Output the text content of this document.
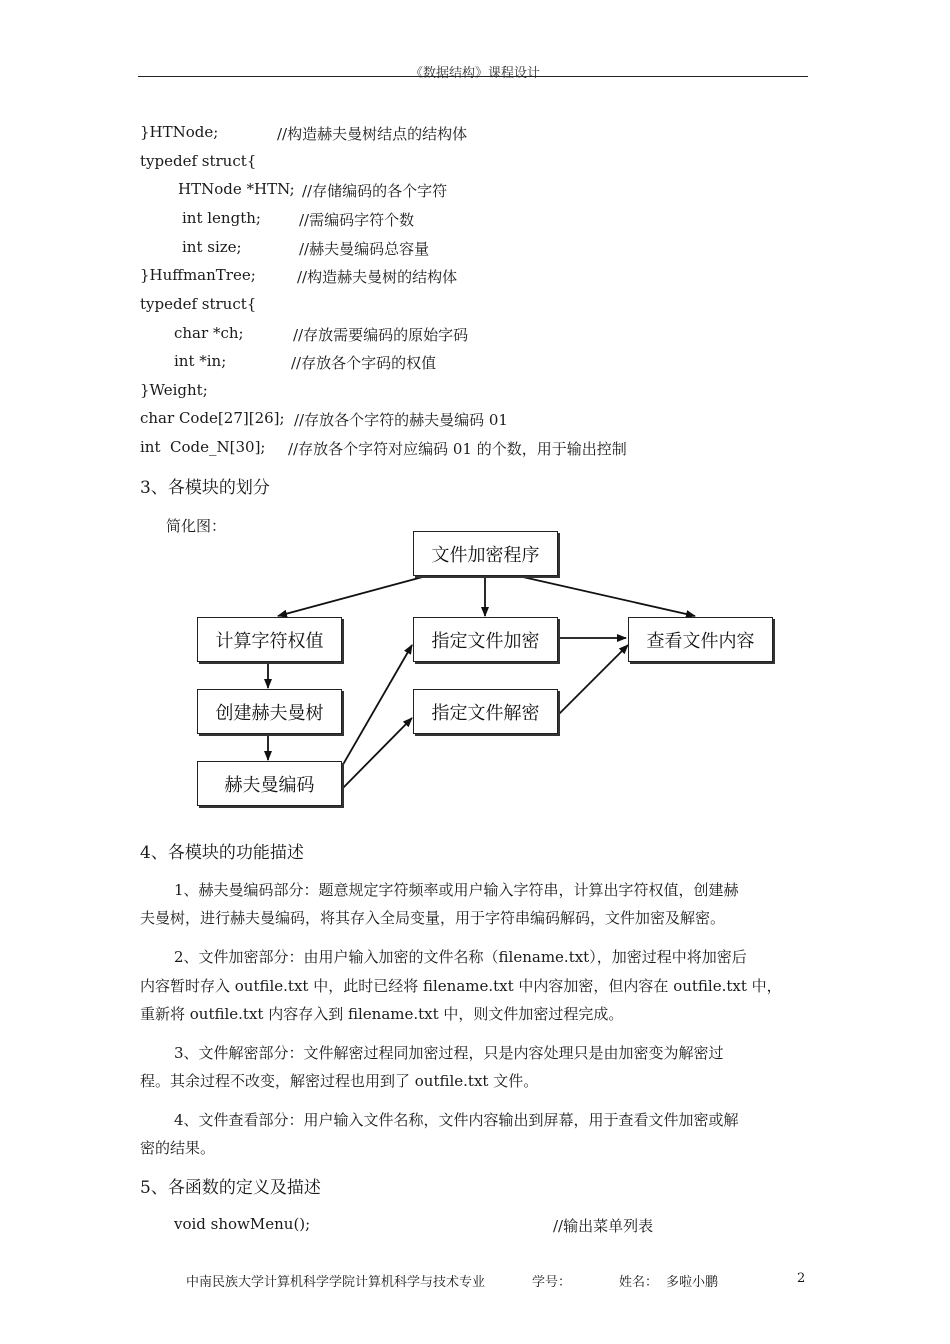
《数据结构》课程设计
}HTNode;	//构造赫夫曼树结点的结构体
typedef struct{
HTNode *HTN; //存储编码的各个字符
int length;	//需编码字符个数
int size;	//赫夫曼编码总容量
}HuffmanTree;	//构造赫夫曼树的结构体
typedef struct{
char *ch;	//存放需要编码的原始字码
int *in;	//存放各个字码的权值
}Weight;
char Code[27][26]; //存放各个字符的赫夫曼编码 01
int  Code_N[30]; //存放各个字符对应编码 01 的个数，用于输出控制
3、各模块的划分
简化图：
文件加密程序
计算字符权值	指定文件加密	查看文件内容
创建赫夫曼树	指定文件解密
赫夫曼编码
4、各模块的功能描述
1、赫夫曼编码部分：题意规定字符频率或用户输入字符串，计算出字符权值，创建赫
夫曼树，进行赫夫曼编码，将其存入全局变量，用于字符串编码解码，文件加密及解密。
2、文件加密部分：由用户输入加密的文件名称（filename.txt），加密过程中将加密后
内容暂时存入 outfile.txt 中，此时已经将 filename.txt 中内容加密，但内容在 outfile.txt 中，
重新将 outfile.txt 内容存入到 filename.txt 中，则文件加密过程完成。
3、文件解密部分：文件解密过程同加密过程，只是内容处理只是由加密变为解密过
程。其余过程不改变，解密过程也用到了 outfile.txt 文件。
4、文件查看部分：用户输入文件名称，文件内容输出到屏幕，用于查看文件加密或解
密的结果。
5、各函数的定义及描述
void showMenu();	//输出菜单列表
中南民族大学计算机科学学院计算机科学与技术专业	学号：	姓名： 多啦小鹏	2
